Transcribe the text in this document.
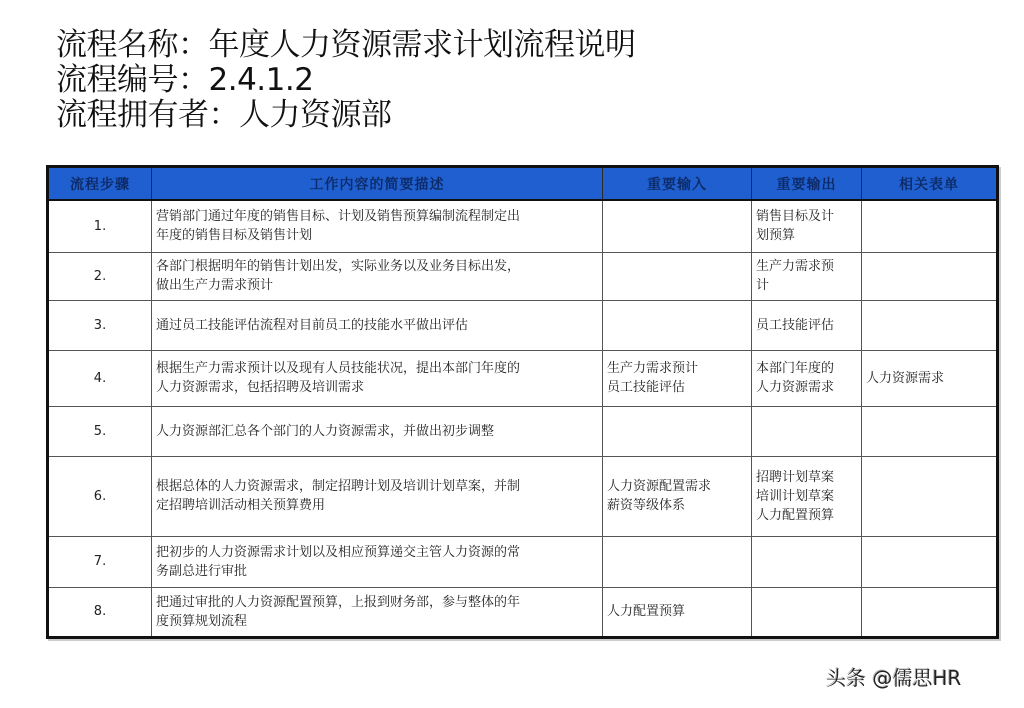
流程名称：年度人力资源需求计划流程说明
流程编号：2.4.1.2
流程拥有者：人力资源部
流程步骤	工作内容的简要描述	重要输入	重要输出	相关表单
1.	营销部门通过年度的销售目标、计划及销售预算编制流程制定出
年度的销售目标及销售计划		销售目标及计
划预算	

2.	各部门根据明年的销售计划出发，实际业务以及业务目标出发，
做出生产力需求预计		生产力需求预
计	

3.	通过员工技能评估流程对目前员工的技能水平做出评估		员工技能评估	

4.	根据生产力需求预计以及现有人员技能状况，提出本部门年度的
人力资源需求，包括招聘及培训需求	生产力需求预计
员工技能评估	本部门年度的
人力资源需求	人力资源需求

5.	人力资源部汇总各个部门的人力资源需求，并做出初步调整			

6.	根据总体的人力资源需求，制定招聘计划及培训计划草案，并制
定招聘培训活动相关预算费用	人力资源配置需求
薪资等级体系	招聘计划草案
培训计划草案
人力配置预算	

7.	把初步的人力资源需求计划以及相应预算递交主管人力资源的常
务副总进行审批			

8.	把通过审批的人力资源配置预算，上报到财务部，参与整体的年
度预算规划流程	人力配置预算		

头条 @儒思HR
